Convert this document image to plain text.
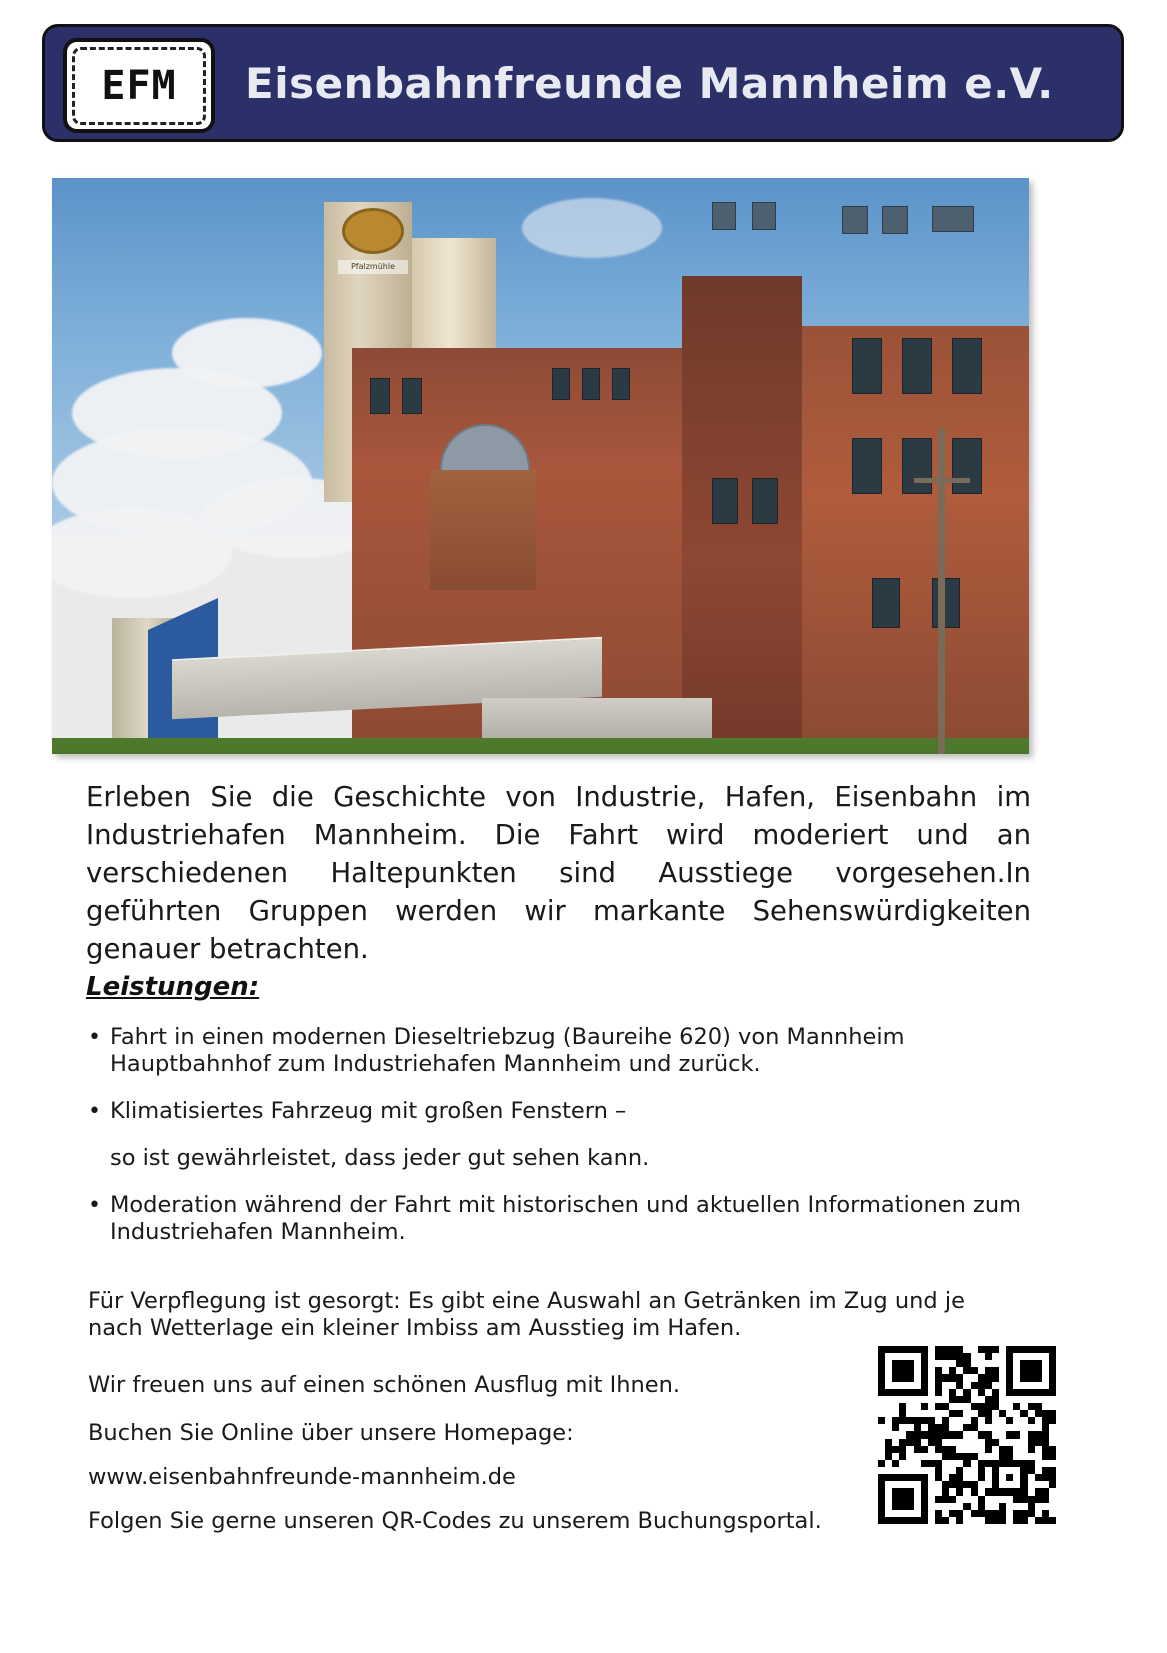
EFM Eisenbahnfreunde Mannheim e.V.
Pfalzmühle
Erleben Sie die Geschichte von Industrie, Hafen, Eisenbahn im Industriehafen Mannheim. Die Fahrt wird moderiert und an verschiedenen Haltepunkten sind Ausstiege vorgesehen.In geführten Gruppen werden wir markante Sehenswürdigkeiten genauer betrachten.
Leistungen:
• Fahrt in einen modernen Dieseltriebzug (Baureihe 620) von Mannheim Hauptbahnhof zum Industriehafen Mannheim und zurück.
• Klimatisiertes Fahrzeug mit großen Fenstern –
so ist gewährleistet, dass jeder gut sehen kann.
• Moderation während der Fahrt mit historischen und aktuellen Informationen zum Industriehafen Mannheim.
Für Verpflegung ist gesorgt: Es gibt eine Auswahl an Getränken im Zug und je nach Wetterlage ein kleiner Imbiss am Ausstieg im Hafen.
Wir freuen uns auf einen schönen Ausflug mit Ihnen.
Buchen Sie Online über unsere Homepage:
www.eisenbahnfreunde-mannheim.de
Folgen Sie gerne unseren QR-Codes zu unserem Buchungsportal.
